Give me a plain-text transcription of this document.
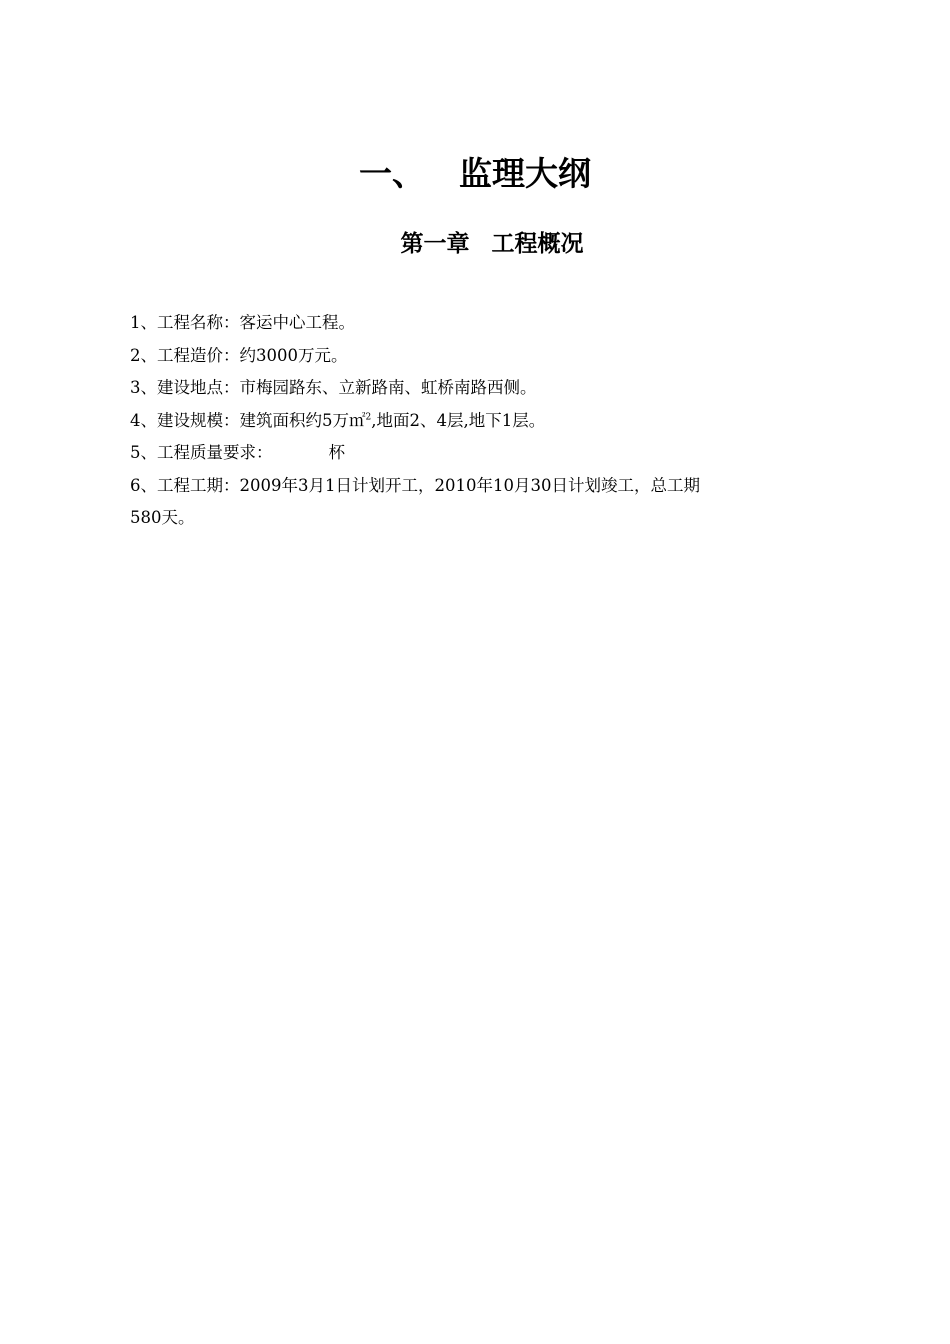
一、 监理大纲
第一章 工程概况
1、工程名称：客运中心工程。
2、工程造价：约3000万元。
3、建设地点：市梅园路东、立新路南、虹桥南路西侧。
4、建设规模：建筑面积约5万㎡$^2$,地面2、4层,地下1层。
5、工程质量要求：	杯
6、工程工期：2009年3月1日计划开工，2010年10月30日计划竣工，总工期
580天。
